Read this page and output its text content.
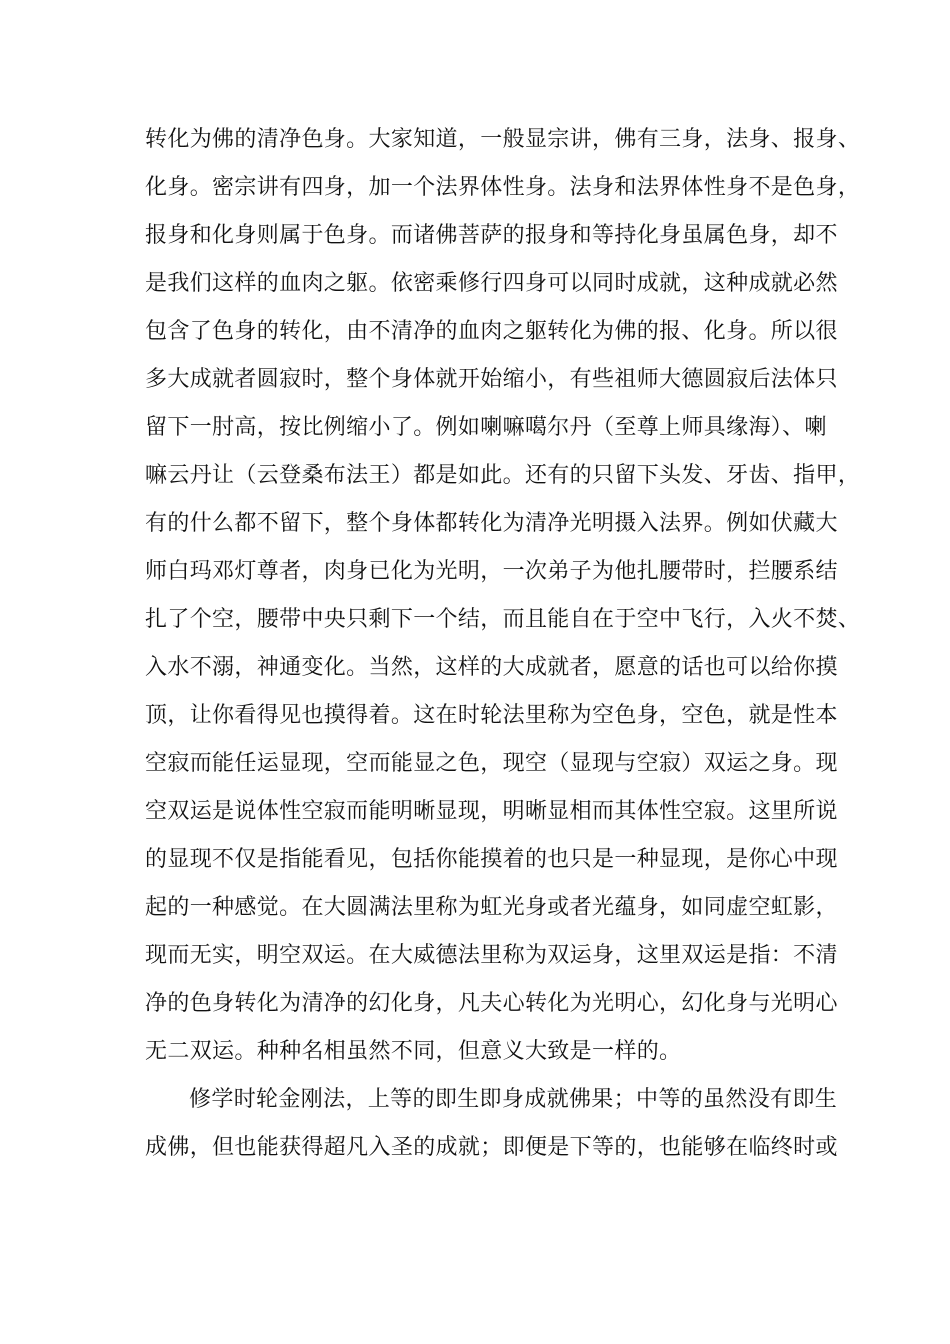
转化为佛的清净色身。大家知道，一般显宗讲，佛有三身，法身、报身、
化身。密宗讲有四身，加一个法界体性身。法身和法界体性身不是色身，
报身和化身则属于色身。而诸佛菩萨的报身和等持化身虽属色身，却不
是我们这样的血肉之躯。依密乘修行四身可以同时成就，这种成就必然
包含了色身的转化，由不清净的血肉之躯转化为佛的报、化身。所以很
多大成就者圆寂时，整个身体就开始缩小，有些祖师大德圆寂后法体只
留下一肘高，按比例缩小了。例如喇嘛噶尔丹（至尊上师具缘海）、喇
嘛云丹让（云登桑布法王）都是如此。还有的只留下头发、牙齿、指甲，
有的什么都不留下，整个身体都转化为清净光明摄入法界。例如伏藏大
师白玛邓灯尊者，肉身已化为光明，一次弟子为他扎腰带时，拦腰系结
扎了个空，腰带中央只剩下一个结，而且能自在于空中飞行，入火不焚、
入水不溺，神通变化。当然，这样的大成就者，愿意的话也可以给你摸
顶，让你看得见也摸得着。这在时轮法里称为空色身，空色，就是性本
空寂而能任运显现，空而能显之色，现空（显现与空寂）双运之身。现
空双运是说体性空寂而能明晰显现，明晰显相而其体性空寂。这里所说
的显现不仅是指能看见，包括你能摸着的也只是一种显现，是你心中现
起的一种感觉。在大圆满法里称为虹光身或者光蕴身，如同虚空虹影，
现而无实，明空双运。在大威德法里称为双运身，这里双运是指：不清
净的色身转化为清净的幻化身，凡夫心转化为光明心，幻化身与光明心
无二双运。种种名相虽然不同，但意义大致是一样的。
修学时轮金刚法，上等的即生即身成就佛果；中等的虽然没有即生
成佛，但也能获得超凡入圣的成就；即便是下等的，也能够在临终时或
